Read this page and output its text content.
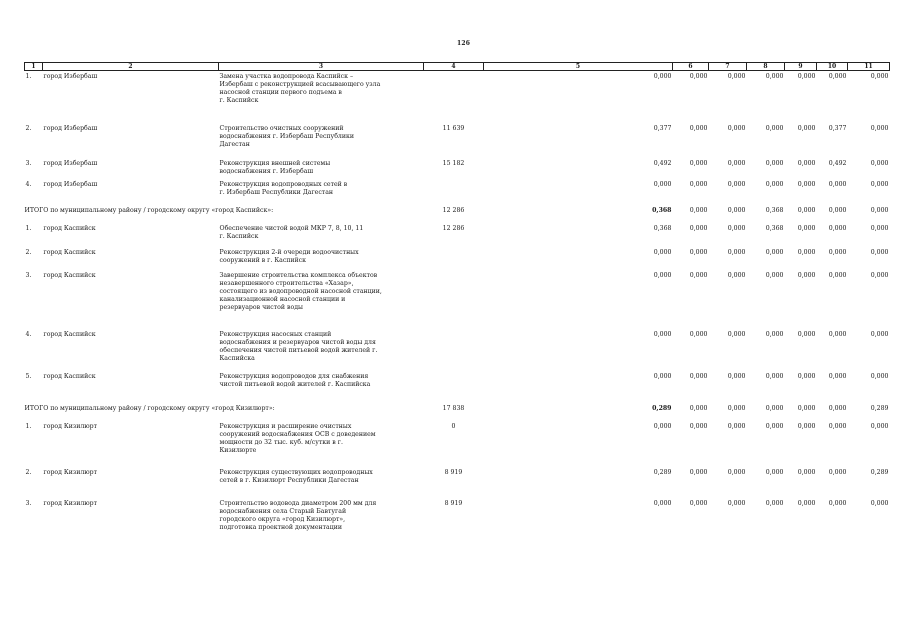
126
1	2	3	4	5	6	7	8	9	10	11
1.	город Избербаш	Замена участка водопровода Каспийск –
Избербаш с реконструкцией всасывающего узла
насосной станции первого подъема в
г. Каспийск		0,000	0,000	0,000	0,000	0,000	0,000	0,000
2.	город Избербаш	Строительство очистных сооружений
водоснабжения г. Избербаш Республики
Дагестан	11 639	0,377	0,000	0,000	0,000	0,000	0,377	0,000
3.	город Избербаш	Реконструкция внешней системы
водоснабжения г. Избербаш	15 182	0,492	0,000	0,000	0,000	0,000	0,492	0,000
4.	город Избербаш	Реконструкция водопроводных сетей в
г. Избербаш Республики Дагестан		0,000	0,000	0,000	0,000	0,000	0,000	0,000
ИТОГО по муниципальному району / городскому округу «город Каспийск»:			12 286	0,368	0,000	0,000	0,368	0,000	0,000	0,000
1.	город Каспийск	Обеспечение чистой водой МКР 7, 8, 10, 11
г. Каспийск	12 286	0,368	0,000	0,000	0,368	0,000	0,000	0,000
2.	город Каспийск	Реконструкция 2-й очереди водоочистных
сооружений в г. Каспийск		0,000	0,000	0,000	0,000	0,000	0,000	0,000
3.	город Каспийск	Завершение строительства комплекса объектов
незавершенного строительства «Хазар»,
состоящего из водопроводной насосной станции,
канализационной насосной станции и
резервуаров чистой воды		0,000	0,000	0,000	0,000	0,000	0,000	0,000
4.	город Каспийск	Реконструкция насосных станций
водоснабжения и резервуаров чистой воды для
обеспечения чистой питьевой водой жителей г.
Каспийска		0,000	0,000	0,000	0,000	0,000	0,000	0,000
5.	город Каспийск	Реконструкция водопроводов для снабжения
чистой питьевой водой жителей г. Каспийска		0,000	0,000	0,000	0,000	0,000	0,000	0,000
ИТОГО по муниципальному району / городскому округу «город Кизилюрт»:			17 838	0,289	0,000	0,000	0,000	0,000	0,000	0,289
1.	город Кизилюрт	Реконструкция и расширение очистных
сооружений водоснабжения ОСВ с доведением
мощности до 32 тыс. куб. м/сутки в г.
Кизилюрте	0	0,000	0,000	0,000	0,000	0,000	0,000	0,000
2.	город Кизилюрт	Реконструкция существующих водопроводных
сетей в г. Кизилюрт Республики Дагестан	8 919	0,289	0,000	0,000	0,000	0,000	0,000	0,289
3.	город Кизилюрт	Строительство водовода диаметром 200 мм для
водоснабжения села Старый Бавтугай
городского округа «город Кизилюрт»,
подготовка проектной документации	8 919	0,000	0,000	0,000	0,000	0,000	0,000	0,000
